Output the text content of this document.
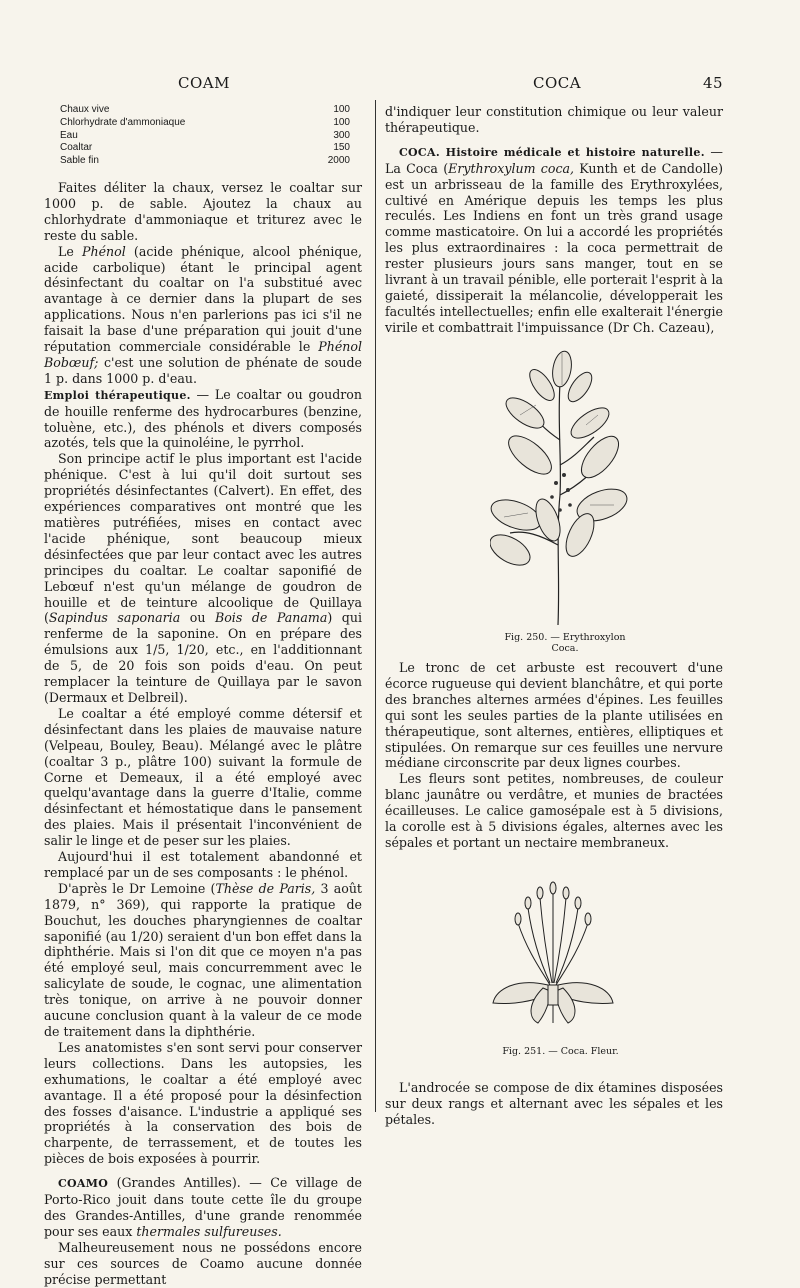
COAM	COCA	45
Chaux vive	100
Chlorhydrate d'ammoniaque	100
Eau	300
Coaltar	150
Sable fin	2000

Faites déliter la chaux, versez le coaltar sur 1000 p. de sable. Ajoutez la chaux au chlorhydrate d'ammoniaque et triturez avec le reste du sable.

Le Phénol (acide phénique, alcool phénique, acide carbolique) étant le principal agent désinfectant du coaltar on l'a substitué avec avantage à ce dernier dans la plupart de ses applications. Nous n'en parlerions pas ici s'il ne faisait la base d'une préparation qui jouit d'une réputation commerciale considérable le Phénol Bobœuf; c'est une solution de phénate de soude 1 p. dans 1000 p. d'eau.

Emploi thérapeutique. — Le coaltar ou goudron de houille renferme des hydrocarbures (benzine, toluène, etc.), des phénols et divers composés azotés, tels que la quinoléine, le pyrrhol.

Son principe actif le plus important est l'acide phénique. C'est à lui qu'il doit surtout ses propriétés désinfectantes (Calvert). En effet, des expériences comparatives ont montré que les matières putréfiées, mises en contact avec l'acide phénique, sont beaucoup mieux désinfectées que par leur contact avec les autres principes du coaltar. Le coaltar saponifié de Lebœuf n'est qu'un mélange de goudron de houille et de teinture alcoolique de Quillaya (Sapindus saponaria ou Bois de Panama) qui renferme de la saponine. On en prépare des émulsions aux 1/5, 1/20, etc., en l'additionnant de 5, de 20 fois son poids d'eau. On peut remplacer la teinture de Quillaya par le savon (Dermaux et Delbreil).

Le coaltar a été employé comme détersif et désinfectant dans les plaies de mauvaise nature (Velpeau, Bouley, Beau). Mélangé avec le plâtre (coaltar 3 p., plâtre 100) suivant la formule de Corne et Demeaux, il a été employé avec quelqu'avantage dans la guerre d'Italie, comme désinfectant et hémostatique dans le pansement des plaies. Mais il présentait l'inconvénient de salir le linge et de peser sur les plaies.

Aujourd'hui il est totalement abandonné et remplacé par un de ses composants : le phénol.

D'après le Dr Lemoine (Thèse de Paris, 3 août 1879, n° 369), qui rapporte la pratique de Bouchut, les douches pharyngiennes de coaltar saponifié (au 1/20) seraient d'un bon effet dans la diphthérie. Mais si l'on dit que ce moyen n'a pas été employé seul, mais concurremment avec le salicylate de soude, le cognac, une alimentation très tonique, on arrive à ne pouvoir donner aucune conclusion quant à la valeur de ce mode de traitement dans la diphthérie.

Les anatomistes s'en sont servi pour conserver leurs collections. Dans les autopsies, les exhumations, le coaltar a été employé avec avantage. Il a été proposé pour la désinfection des fosses d'aisance. L'industrie a appliqué ses propriétés à la conservation des bois de charpente, de terrassement, et de toutes les pièces de bois exposées à pourrir.

COAMO (Grandes Antilles). — Ce village de Porto-Rico jouit dans toute cette île du groupe des Grandes-Antilles, d'une grande renommée pour ses eaux thermales sulfureuses.

Malheureusement nous ne possédons encore sur ces sources de Coamo aucune donnée précise permettant

d'indiquer leur constitution chimique ou leur valeur thérapeutique.

COCA. Histoire médicale et histoire naturelle. — La Coca (Erythroxylum coca, Kunth et de Candolle) est un arbrisseau de la famille des Erythroxylées, cultivé en Amérique depuis les temps les plus reculés. Les Indiens en font un très grand usage comme masticatoire. On lui a accordé les propriétés les plus extraordinaires : la coca permettrait de rester plusieurs jours sans manger, tout en se livrant à un travail pénible, elle porterait l'esprit à la gaieté, dissiperait la mélancolie, développerait les facultés intellectuelles; enfin elle exalterait l'énergie virile et combattrait l'impuissance (Dr Ch. Cazeau),

Fig. 250. — Erythroxylon Coca.

Le tronc de cet arbuste est recouvert d'une écorce rugueuse qui devient blanchâtre, et qui porte des branches alternes armées d'épines. Les feuilles qui sont les seules parties de la plante utilisées en thérapeutique, sont alternes, entières, elliptiques et stipulées. On remarque sur ces feuilles une nervure médiane circonscrite par deux lignes courbes.

Les fleurs sont petites, nombreuses, de couleur blanc jaunâtre ou verdâtre, et munies de bractées écailleuses. Le calice gamosépale est à 5 divisions, la corolle est à 5 divisions égales, alternes avec les sépales et portant un nectaire membraneux.

Fig. 251. — Coca. Fleur.

L'androcée se compose de dix étamines disposées sur deux rangs et alternant avec les sépales et les pétales.
